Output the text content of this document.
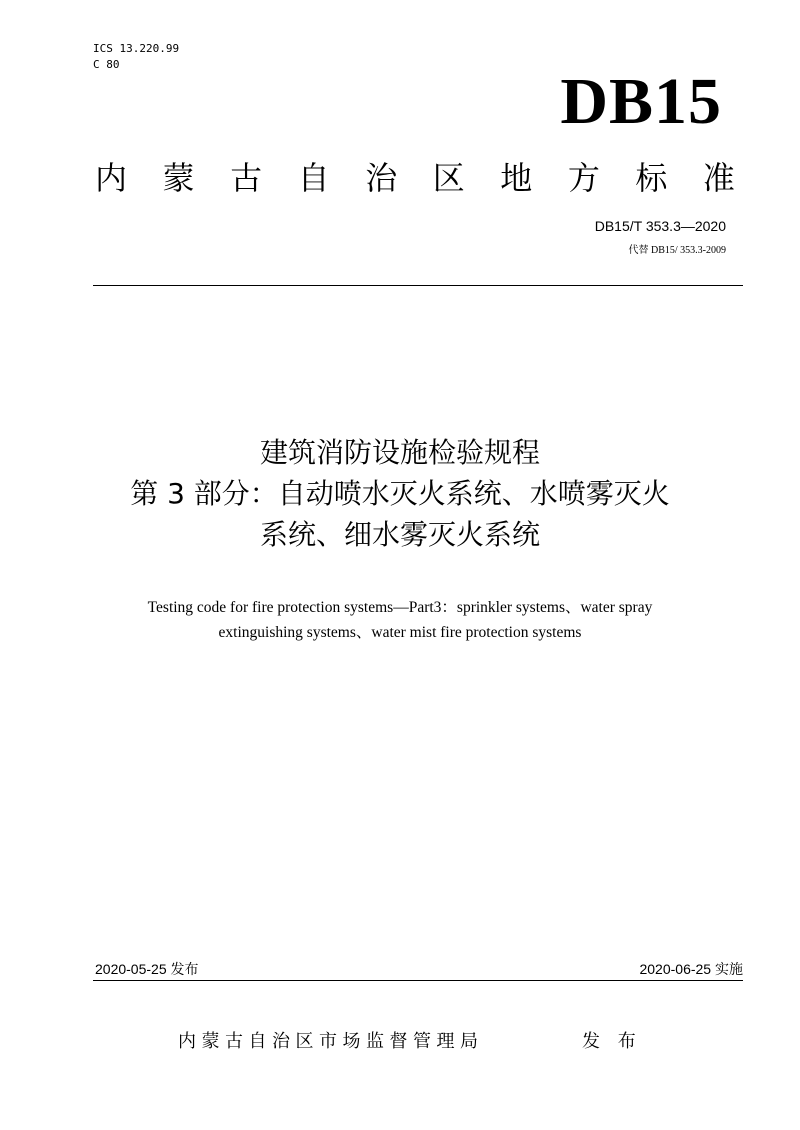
ICS 13.220.99
C 80
DB15
内 蒙 古 自 治 区 地 方 标 准
DB15/T 353.3—2020
代替 DB15/ 353.3-2009
建筑消防设施检验规程
第 3 部分：自动喷水灭火系统、水喷雾灭火
系统、细水雾灭火系统
Testing code for fire protection systems—Part3：sprinkler systems、water spray
extinguishing systems、water mist fire protection systems
2020-05-25 发布	2020-06-25 实施
内蒙古自治区市场监督管理局	发 布
